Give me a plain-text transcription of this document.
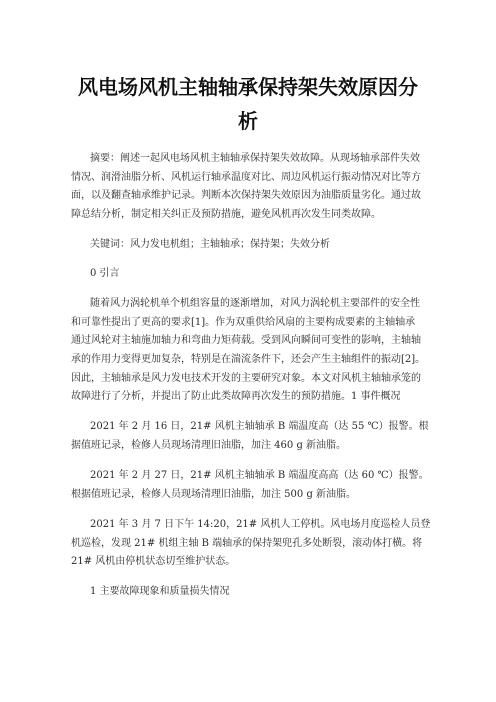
风电场风机主轴轴承保持架失效原因分
析
摘要：阐述一起风电场风机主轴轴承保持架失效故障。从现场轴承部件失效
情况、润滑油脂分析、风机运行轴承温度对比、周边风机运行振动情况对比等方
面，以及翻查轴承维护记录。判断本次保持架失效原因为油脂质量劣化。通过故
障总结分析，制定相关纠正及预防措施，避免风机再次发生同类故障。
关键词：风力发电机组；主轴轴承；保持架；失效分析
0 引言
随着风力涡轮机单个机组容量的逐渐增加，对风力涡轮机主要部件的安全性
和可靠性提出了更高的要求[1]。作为双重供给风扇的主要构成要素的主轴轴承
通过风轮对主轴施加轴力和弯曲力矩荷载。受到风向瞬间可变性的影响，主轴轴
承的作用力变得更加复杂，特别是在湍流条件下，还会产生主轴组件的振动[2]。
因此，主轴轴承是风力发电技术开发的主要研究对象。本文对风机主轴轴承笼的
故障进行了分析，并提出了防止此类故障再次发生的预防措施。1 事件概况
2021 年 2 月 16 日，21# 风机主轴轴承 B 端温度高（达 55 ℃）报警。根
据值班记录，检修人员现场清理旧油脂，加注 460 g 新油脂。
2021 年 2 月 27 日，21# 风机主轴轴承 B 端温度高高（达 60 ℃）报警。
根据值班记录，检修人员现场清理旧油脂，加注 500 g 新油脂。
2021 年 3 月 7 日下午 14:20，21# 风机人工停机。风电场月度巡检人员登
机巡检，发现 21# 机组主轴 B 端轴承的保持架兜孔多处断裂，滚动体打横。将
21# 风机由停机状态切至维护状态。
1 主要故障现象和质量损失情况
